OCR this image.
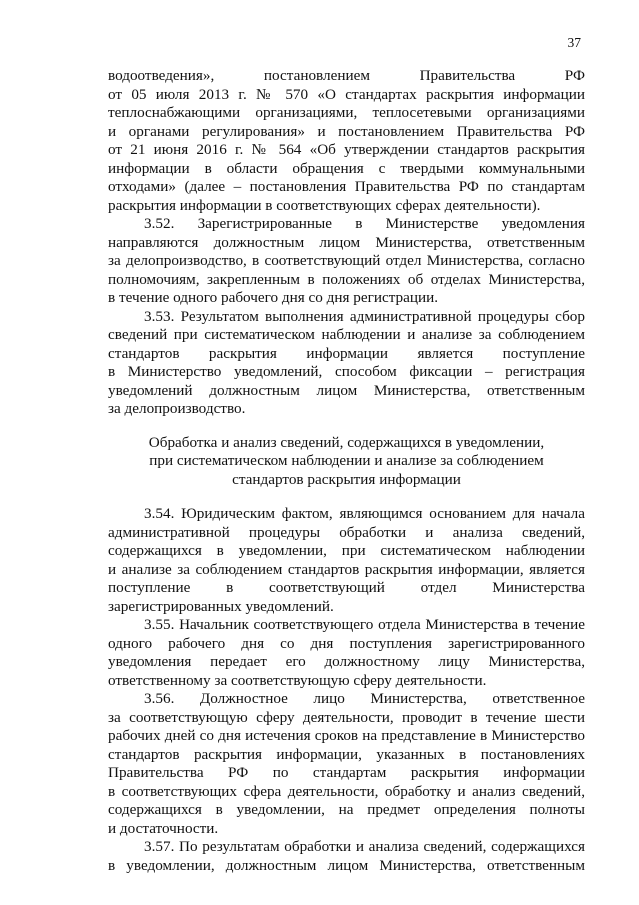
37
водоотведения», постановлением Правительства РФ
от 05 июля 2013 г. № 570 «О стандартах раскрытия информации
теплоснабжающими организациями, теплосетевыми организациями
и органами регулирования» и постановлением Правительства РФ
от 21 июня 2016 г. № 564 «Об утверждении стандартов раскрытия
информации в области обращения с твердыми коммунальными
отходами» (далее – постановления Правительства РФ по стандартам
раскрытия информации в соответствующих сферах деятельности).
3.52. Зарегистрированные в Министерстве уведомления
направляются должностным лицом Министерства, ответственным
за делопроизводство, в соответствующий отдел Министерства, согласно
полномочиям, закрепленным в положениях об отделах Министерства,
в течение одного рабочего дня со дня регистрации.
3.53. Результатом выполнения административной процедуры сбор
сведений при систематическом наблюдении и анализе за соблюдением
стандартов раскрытия информации является поступление
в Министерство уведомлений, способом фиксации – регистрация
уведомлений должностным лицом Министерства, ответственным
за делопроизводство.
Обработка и анализ сведений, содержащихся в уведомлении,
при систематическом наблюдении и анализе за соблюдением
стандартов раскрытия информации
3.54. Юридическим фактом, являющимся основанием для начала
административной процедуры обработки и анализа сведений,
содержащихся в уведомлении, при систематическом наблюдении
и анализе за соблюдением стандартов раскрытия информации, является
поступление в соответствующий отдел Министерства
зарегистрированных уведомлений.
3.55. Начальник соответствующего отдела Министерства в течение
одного рабочего дня со дня поступления зарегистрированного
уведомления передает его должностному лицу Министерства,
ответственному за соответствующую сферу деятельности.
3.56. Должностное лицо Министерства, ответственное
за соответствующую сферу деятельности, проводит в течение шести
рабочих дней со дня истечения сроков на представление в Министерство
стандартов раскрытия информации, указанных в постановлениях
Правительства РФ по стандартам раскрытия информации
в соответствующих сфера деятельности, обработку и анализ сведений,
содержащихся в уведомлении, на предмет определения полноты
и достаточности.
3.57. По результатам обработки и анализа сведений, содержащихся
в уведомлении, должностным лицом Министерства, ответственным
